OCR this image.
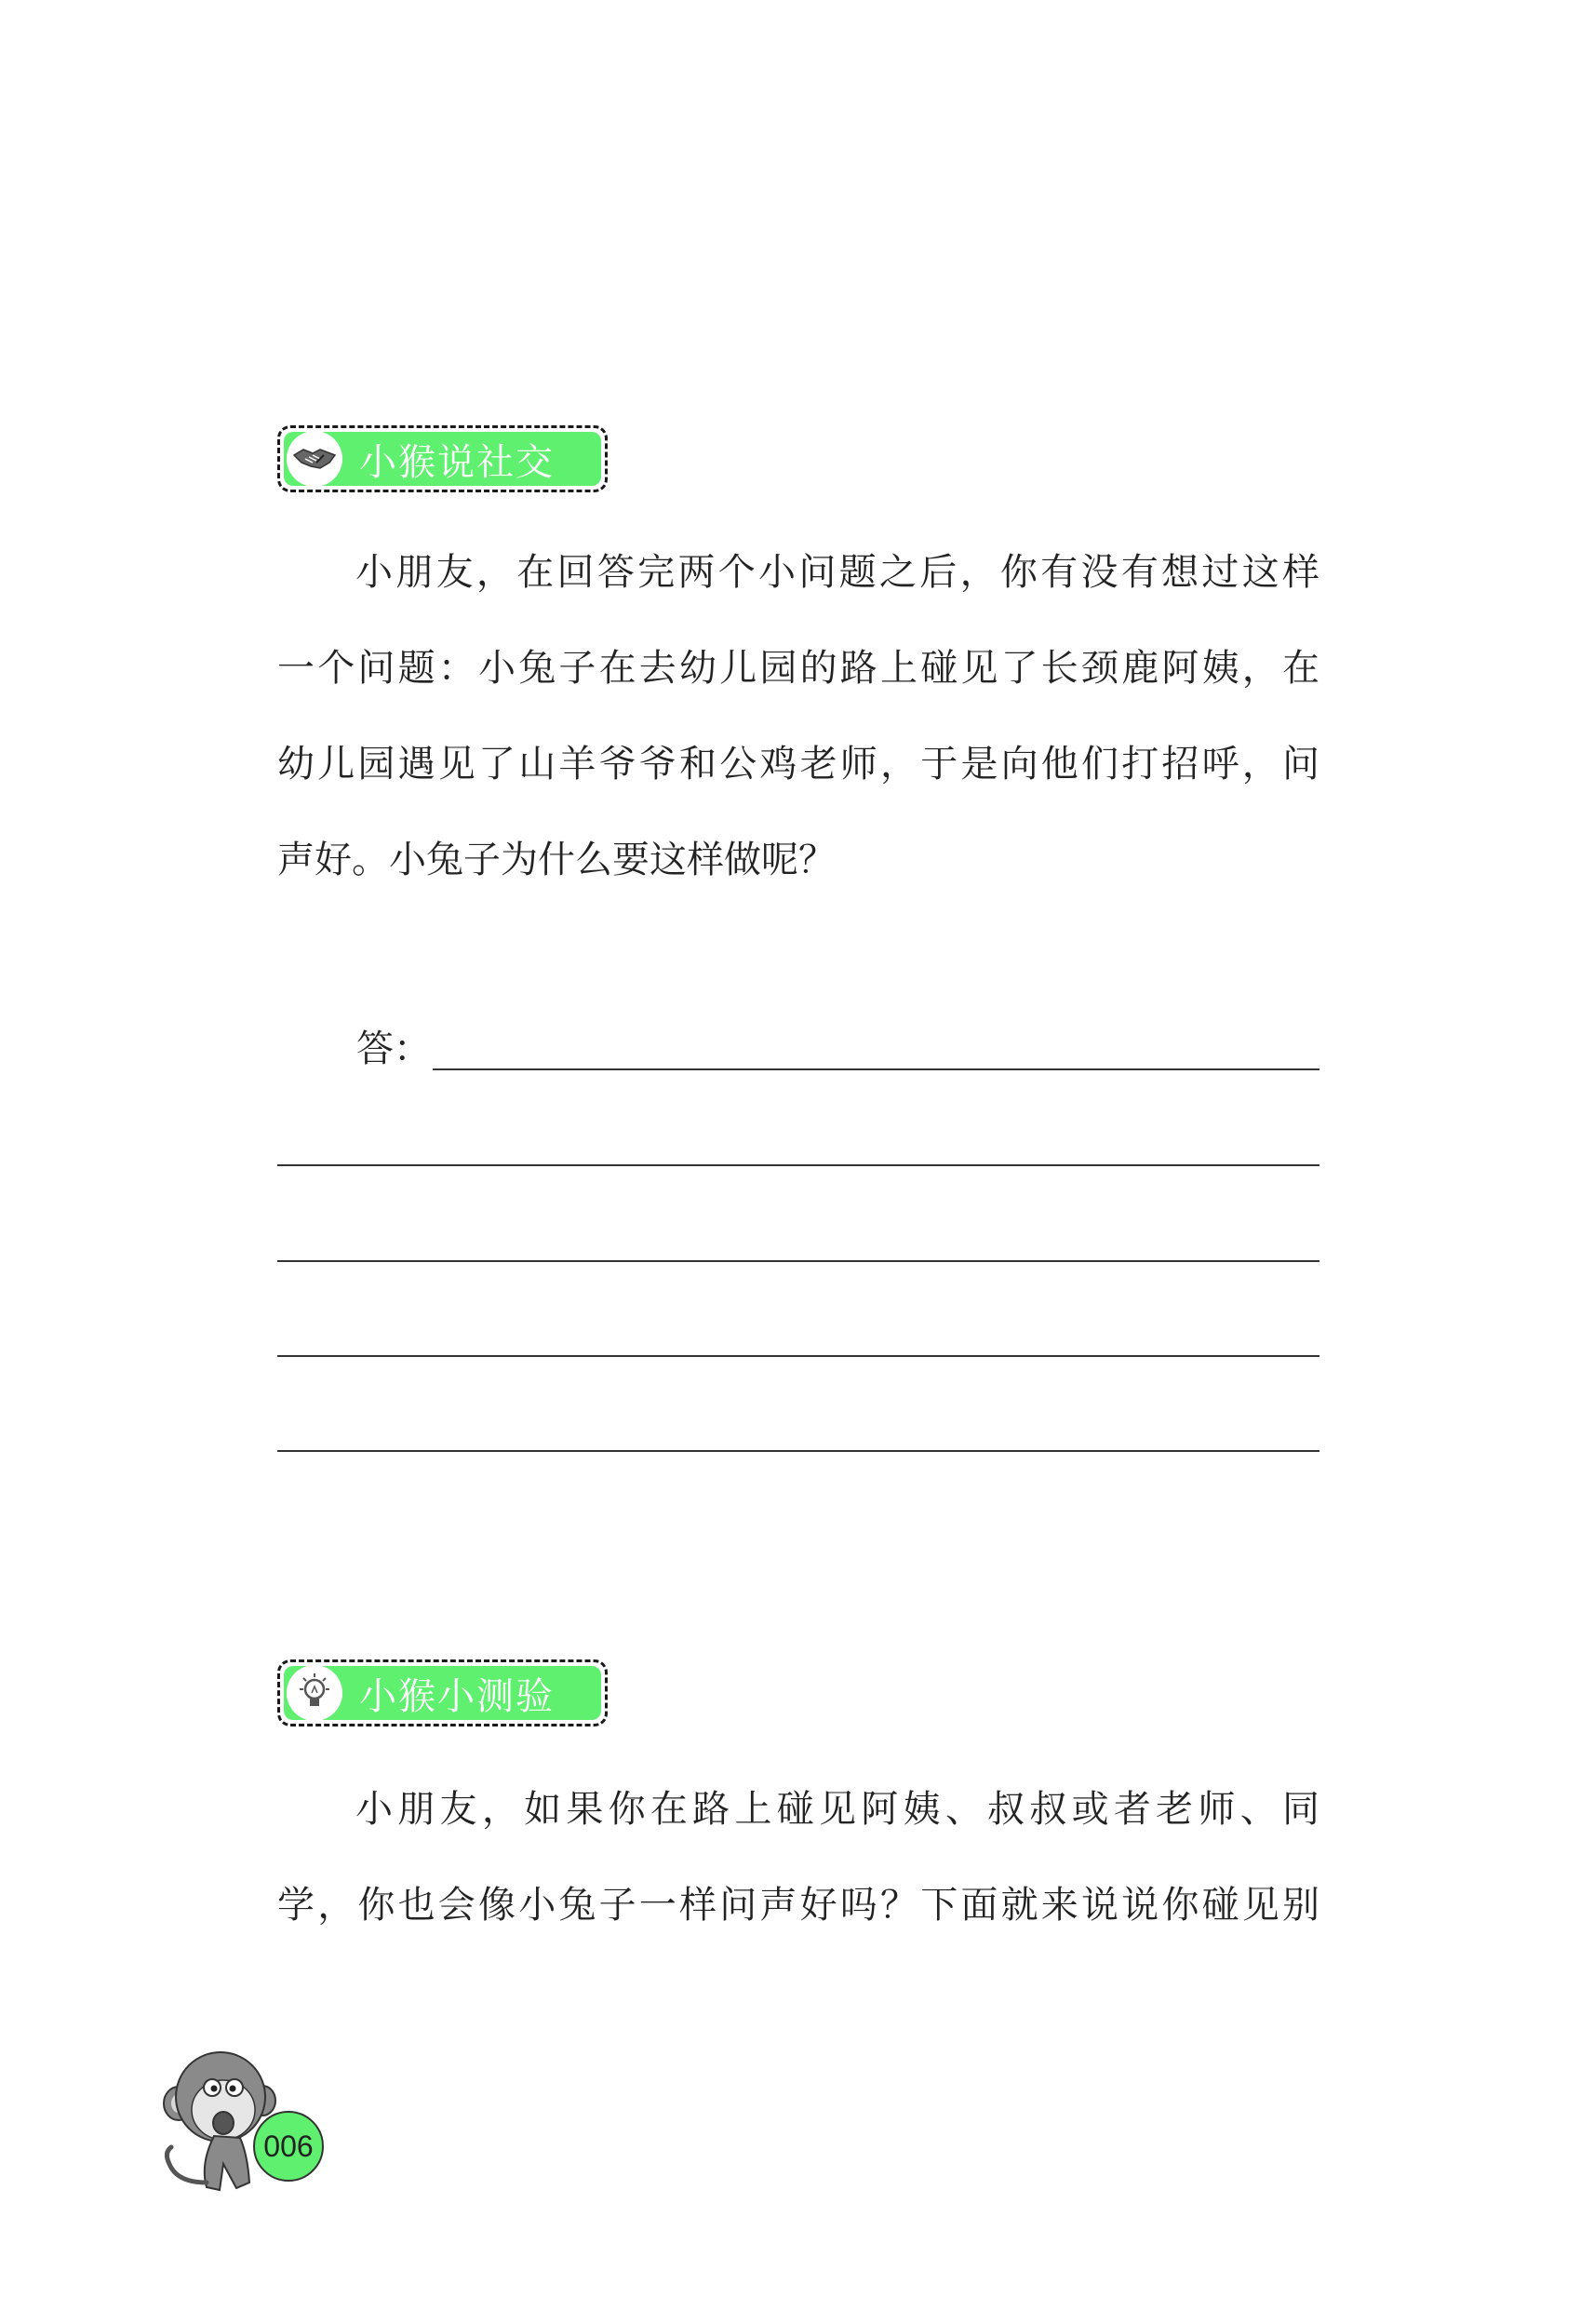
小猴说社交
小朋友，在回答完两个小问题之后，你有没有想过这样
一个问题：小兔子在去幼儿园的路上碰见了长颈鹿阿姨，在
幼儿园遇见了山羊爷爷和公鸡老师，于是向他们打招呼，问
声好。小兔子为什么要这样做呢？
答：
小猴小测验
小朋友，如果你在路上碰见阿姨、叔叔或者老师、同
学，你也会像小兔子一样问声好吗？下面就来说说你碰见别
006
